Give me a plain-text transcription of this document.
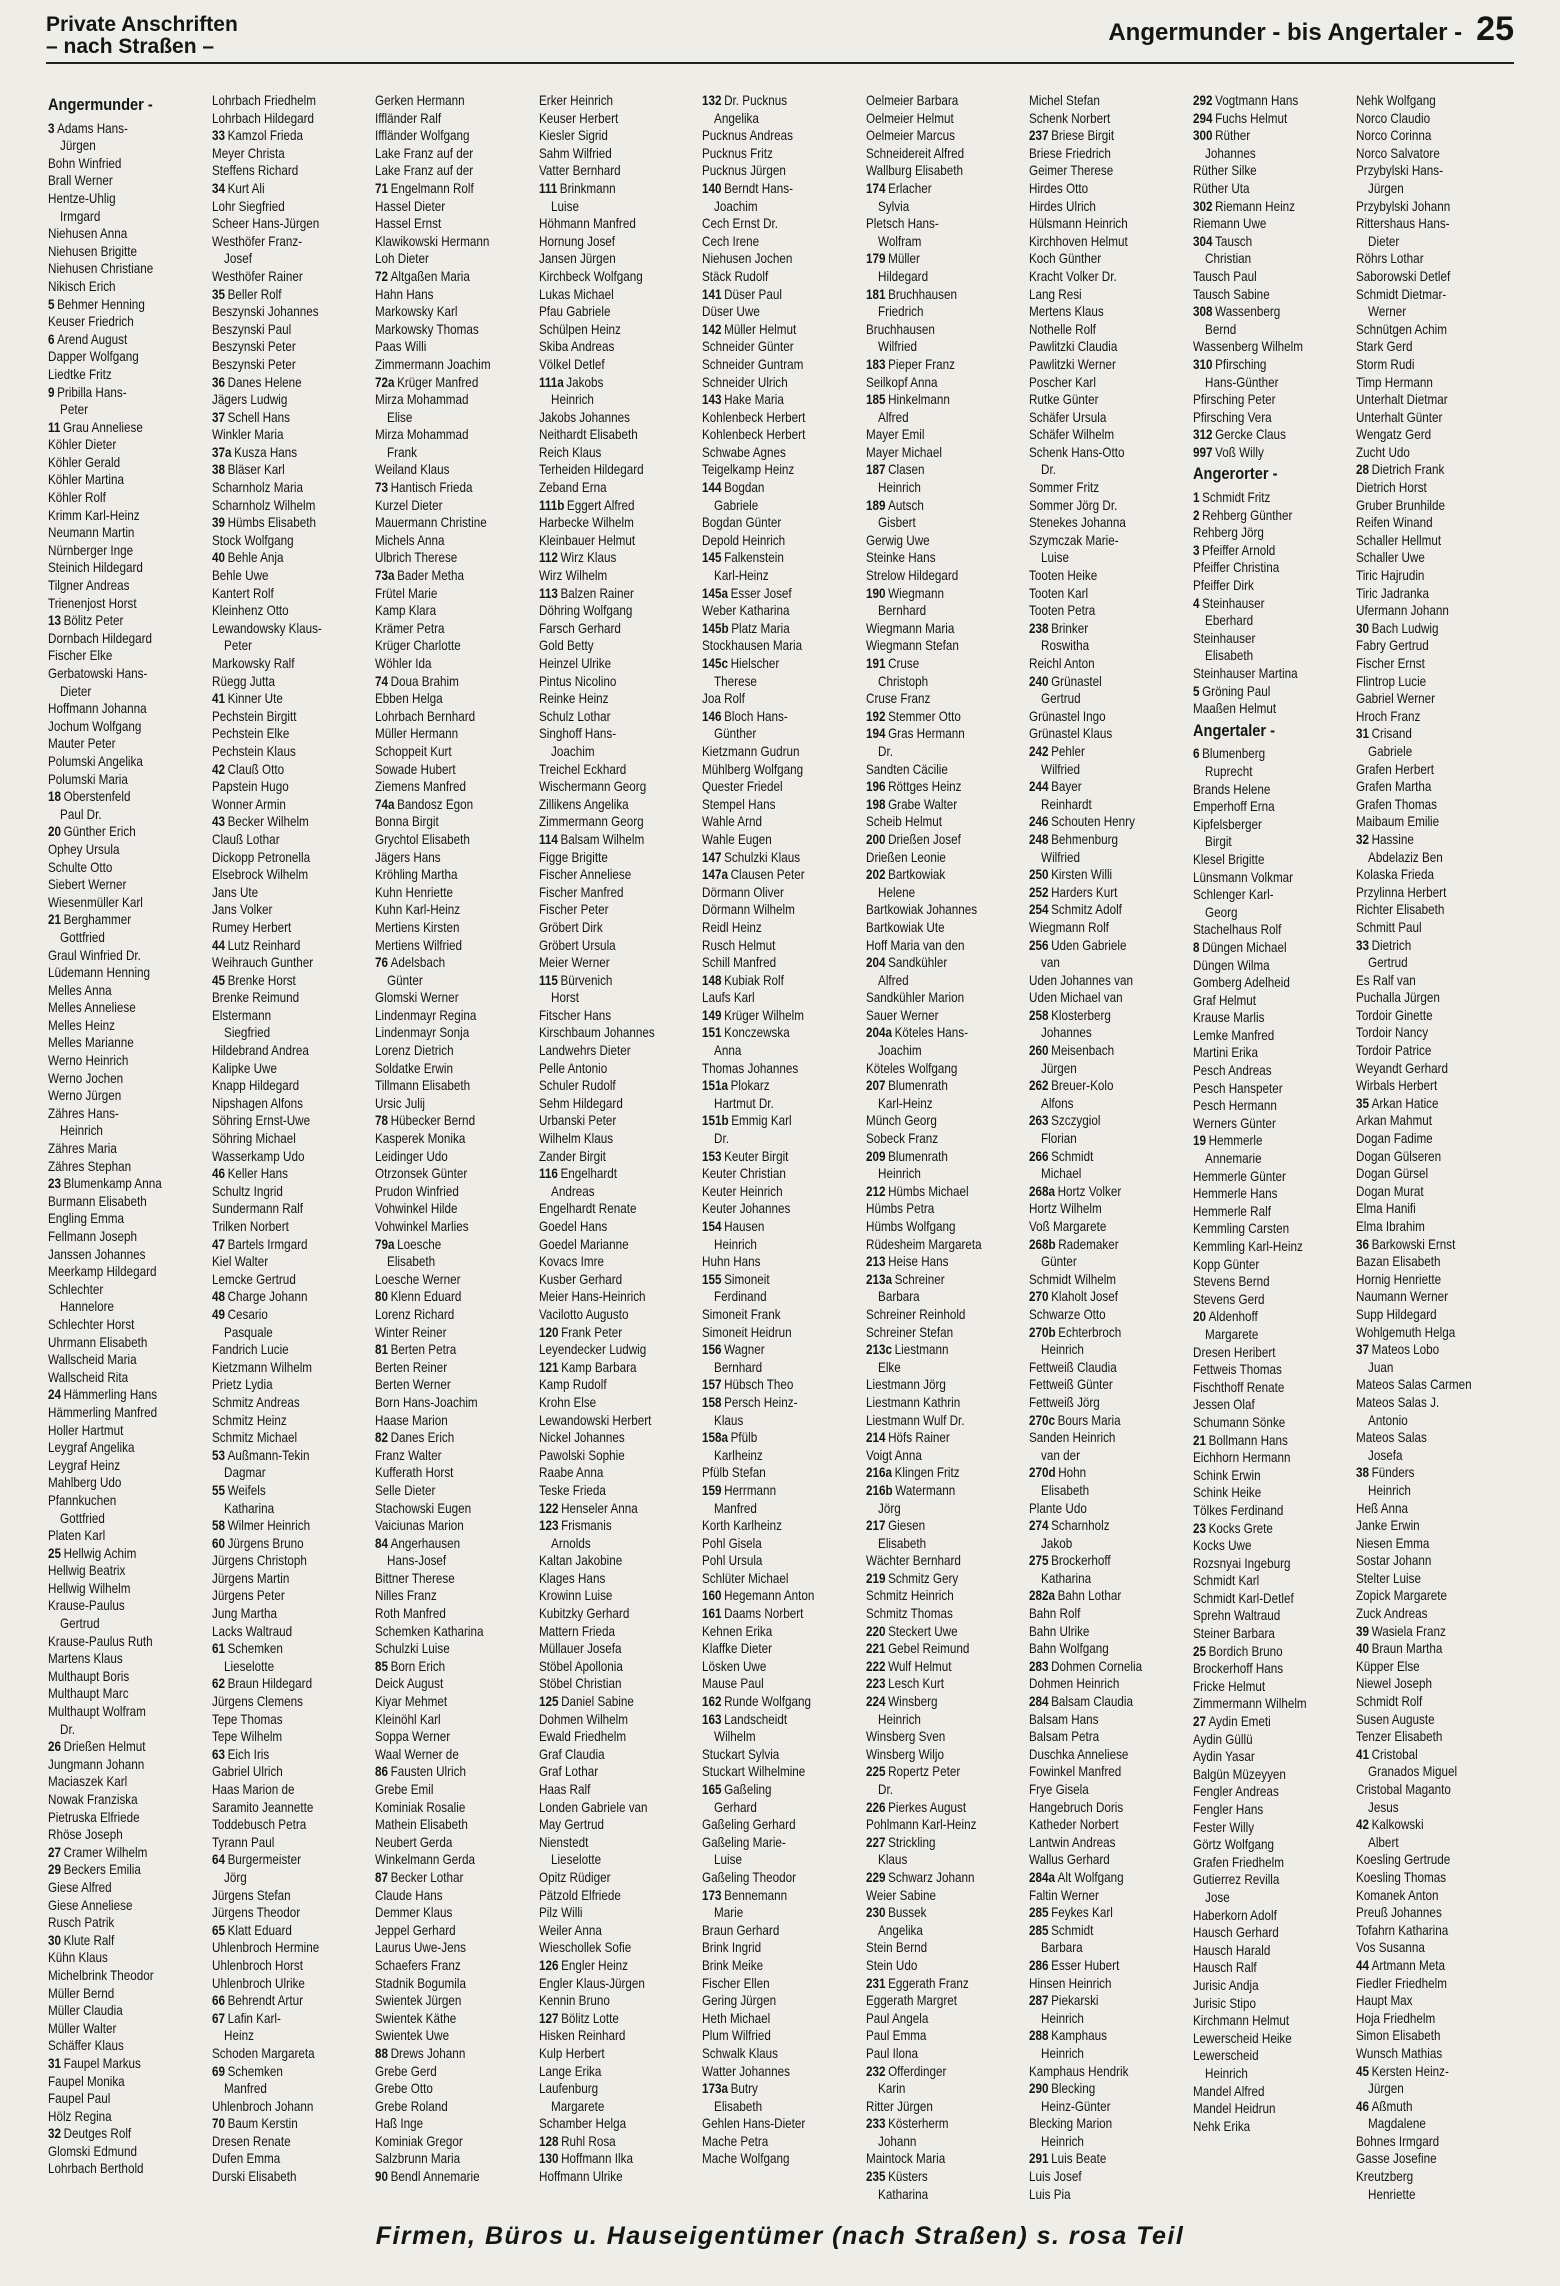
Private Anschriften
– nach Straßen –
Angermunder - bis Angertaler - 25
Angermunder -
3 Adams Hans-
Jürgen
Bohn Winfried
Brall Werner
Hentze-Uhlig
Irmgard
Niehusen Anna
Niehusen Brigitte
Niehusen Christiane
Nikisch Erich
5 Behmer Henning
Keuser Friedrich
6 Arend August
Dapper Wolfgang
Liedtke Fritz
9 Pribilla Hans-
Peter
11 Grau Anneliese
Köhler Dieter
Köhler Gerald
Köhler Martina
Köhler Rolf
Krimm Karl-Heinz
Neumann Martin
Nürnberger Inge
Steinich Hildegard
Tilgner Andreas
Trienenjost Horst
13 Bölitz Peter
Dornbach Hildegard
Fischer Elke
Gerbatowski Hans-
Dieter
Hoffmann Johanna
Jochum Wolfgang
Mauter Peter
Polumski Angelika
Polumski Maria
18 Oberstenfeld
Paul Dr.
20 Günther Erich
Ophey Ursula
Schulte Otto
Siebert Werner
Wiesenmüller Karl
21 Berghammer
Gottfried
Graul Winfried Dr.
Lüdemann Henning
Melles Anna
Melles Anneliese
Melles Heinz
Melles Marianne
Werno Heinrich
Werno Jochen
Werno Jürgen
Zähres Hans-
Heinrich
Zähres Maria
Zähres Stephan
23 Blumenkamp Anna
Burmann Elisabeth
Engling Emma
Fellmann Joseph
Janssen Johannes
Meerkamp Hildegard
Schlechter
Hannelore
Schlechter Horst
Uhrmann Elisabeth
Wallscheid Maria
Wallscheid Rita
24 Hämmerling Hans
Hämmerling Manfred
Holler Hartmut
Leygraf Angelika
Leygraf Heinz
Mahlberg Udo
Pfannkuchen
Gottfried
Platen Karl
25 Hellwig Achim
Hellwig Beatrix
Hellwig Wilhelm
Krause-Paulus
Gertrud
Krause-Paulus Ruth
Martens Klaus
Multhaupt Boris
Multhaupt Marc
Multhaupt Wolfram
Dr.
26 Drießen Helmut
Jungmann Johann
Maciaszek Karl
Nowak Franziska
Pietruska Elfriede
Rhöse Joseph
27 Cramer Wilhelm
29 Beckers Emilia
Giese Alfred
Giese Anneliese
Rusch Patrik
30 Klute Ralf
Kühn Klaus
Michelbrink Theodor
Müller Bernd
Müller Claudia
Müller Walter
Schäffer Klaus
31 Faupel Markus
Faupel Monika
Faupel Paul
Hölz Regina
32 Deutges Rolf
Glomski Edmund
Lohrbach Berthold
Lohrbach Friedhelm
Lohrbach Hildegard
33 Kamzol Frieda
Meyer Christa
Steffens Richard
34 Kurt Ali
Lohr Siegfried
Scheer Hans-Jürgen
Westhöfer Franz-
Josef
Westhöfer Rainer
35 Beller Rolf
Beszynski Johannes
Beszynski Paul
Beszynski Peter
Beszynski Peter
36 Danes Helene
Jägers Ludwig
37 Schell Hans
Winkler Maria
37a Kusza Hans
38 Bläser Karl
Scharnholz Maria
Scharnholz Wilhelm
39 Hümbs Elisabeth
Stock Wolfgang
40 Behle Anja
Behle Uwe
Kantert Rolf
Kleinhenz Otto
Lewandowsky Klaus-
Peter
Markowsky Ralf
Rüegg Jutta
41 Kinner Ute
Pechstein Birgitt
Pechstein Elke
Pechstein Klaus
42 Clauß Otto
Papstein Hugo
Wonner Armin
43 Becker Wilhelm
Clauß Lothar
Dickopp Petronella
Elsebrock Wilhelm
Jans Ute
Jans Volker
Rumey Herbert
44 Lutz Reinhard
Weihrauch Gunther
45 Brenke Horst
Brenke Reimund
Elstermann
Siegfried
Hildebrand Andrea
Kalipke Uwe
Knapp Hildegard
Nipshagen Alfons
Söhring Ernst-Uwe
Söhring Michael
Wasserkamp Udo
46 Keller Hans
Schultz Ingrid
Sundermann Ralf
Trilken Norbert
47 Bartels Irmgard
Kiel Walter
Lemcke Gertrud
48 Charge Johann
49 Cesario
Pasquale
Fandrich Lucie
Kietzmann Wilhelm
Prietz Lydia
Schmitz Andreas
Schmitz Heinz
Schmitz Michael
53 Außmann-Tekin
Dagmar
55 Weifels
Katharina
58 Wilmer Heinrich
60 Jürgens Bruno
Jürgens Christoph
Jürgens Martin
Jürgens Peter
Jung Martha
Lacks Waltraud
61 Schemken
Lieselotte
62 Braun Hildegard
Jürgens Clemens
Tepe Thomas
Tepe Wilhelm
63 Eich Iris
Gabriel Ulrich
Haas Marion de
Saramito Jeannette
Toddebusch Petra
Tyrann Paul
64 Burgermeister
Jörg
Jürgens Stefan
Jürgens Theodor
65 Klatt Eduard
Uhlenbroch Hermine
Uhlenbroch Horst
Uhlenbroch Ulrike
66 Behrendt Artur
67 Lafin Karl-
Heinz
Schoden Margareta
69 Schemken
Manfred
Uhlenbroch Johann
70 Baum Kerstin
Dresen Renate
Dufen Emma
Durski Elisabeth
Gerken Hermann
Iffländer Ralf
Iffländer Wolfgang
Lake Franz auf der
Lake Franz auf der
71 Engelmann Rolf
Hassel Dieter
Hassel Ernst
Klawikowski Hermann
Loh Dieter
72 Altgaßen Maria
Hahn Hans
Markowsky Karl
Markowsky Thomas
Paas Willi
Zimmermann Joachim
72a Krüger Manfred
Mirza Mohammad
Elise
Mirza Mohammad
Frank
Weiland Klaus
73 Hantisch Frieda
Kurzel Dieter
Mauermann Christine
Michels Anna
Ulbrich Therese
73a Bader Metha
Frütel Marie
Kamp Klara
Krämer Petra
Krüger Charlotte
Wöhler Ida
74 Doua Brahim
Ebben Helga
Lohrbach Bernhard
Müller Hermann
Schoppeit Kurt
Sowade Hubert
Ziemens Manfred
74a Bandosz Egon
Bonna Birgit
Grychtol Elisabeth
Jägers Hans
Kröhling Martha
Kuhn Henriette
Kuhn Karl-Heinz
Mertiens Kirsten
Mertiens Wilfried
76 Adelsbach
Günter
Glomski Werner
Lindenmayr Regina
Lindenmayr Sonja
Lorenz Dietrich
Soldatke Erwin
Tillmann Elisabeth
Ursic Julij
78 Hübecker Bernd
Kasperek Monika
Leidinger Udo
Otrzonsek Günter
Prudon Winfried
Vohwinkel Hilde
Vohwinkel Marlies
79a Loesche
Elisabeth
Loesche Werner
80 Klenn Eduard
Lorenz Richard
Winter Reiner
81 Berten Petra
Berten Reiner
Berten Werner
Born Hans-Joachim
Haase Marion
82 Danes Erich
Franz Walter
Kufferath Horst
Selle Dieter
Stachowski Eugen
Vaiciunas Marion
84 Angerhausen
Hans-Josef
Bittner Therese
Nilles Franz
Roth Manfred
Schemken Katharina
Schulzki Luise
85 Born Erich
Deick August
Kiyar Mehmet
Kleinöhl Karl
Soppa Werner
Waal Werner de
86 Fausten Ulrich
Grebe Emil
Kominiak Rosalie
Mathein Elisabeth
Neubert Gerda
Winkelmann Gerda
87 Becker Lothar
Claude Hans
Demmer Klaus
Jeppel Gerhard
Laurus Uwe-Jens
Schaefers Franz
Stadnik Bogumila
Swientek Jürgen
Swientek Käthe
Swientek Uwe
88 Drews Johann
Grebe Gerd
Grebe Otto
Grebe Roland
Haß Inge
Kominiak Gregor
Salzbrunn Maria
90 Bendl Annemarie
Erker Heinrich
Keuser Herbert
Kiesler Sigrid
Sahm Wilfried
Vatter Bernhard
111 Brinkmann
Luise
Höhmann Manfred
Hornung Josef
Jansen Jürgen
Kirchbeck Wolfgang
Lukas Michael
Pfau Gabriele
Schülpen Heinz
Skiba Andreas
Völkel Detlef
111a Jakobs
Heinrich
Jakobs Johannes
Neithardt Elisabeth
Reich Klaus
Terheiden Hildegard
Zeband Erna
111b Eggert Alfred
Harbecke Wilhelm
Kleinbauer Helmut
112 Wirz Klaus
Wirz Wilhelm
113 Balzen Rainer
Döhring Wolfgang
Farsch Gerhard
Gold Betty
Heinzel Ulrike
Pintus Nicolino
Reinke Heinz
Schulz Lothar
Singhoff Hans-
Joachim
Treichel Eckhard
Wischermann Georg
Zillikens Angelika
Zimmermann Georg
114 Balsam Wilhelm
Figge Brigitte
Fischer Anneliese
Fischer Manfred
Fischer Peter
Gröbert Dirk
Gröbert Ursula
Meier Werner
115 Bürvenich
Horst
Fitscher Hans
Kirschbaum Johannes
Landwehrs Dieter
Pelle Antonio
Schuler Rudolf
Sehm Hildegard
Urbanski Peter
Wilhelm Klaus
Zander Birgit
116 Engelhardt
Andreas
Engelhardt Renate
Goedel Hans
Goedel Marianne
Kovacs Imre
Kusber Gerhard
Meier Hans-Heinrich
Vacilotto Augusto
120 Frank Peter
Leyendecker Ludwig
121 Kamp Barbara
Kamp Rudolf
Krohn Else
Lewandowski Herbert
Nickel Johannes
Pawolski Sophie
Raabe Anna
Teske Frieda
122 Henseler Anna
123 Frismanis
Arnolds
Kaltan Jakobine
Klages Hans
Krowinn Luise
Kubitzky Gerhard
Mattern Frieda
Müllauer Josefa
Stöbel Apollonia
Stöbel Christian
125 Daniel Sabine
Dohmen Wilhelm
Ewald Friedhelm
Graf Claudia
Graf Lothar
Haas Ralf
Londen Gabriele van
May Gertrud
Nienstedt
Lieselotte
Opitz Rüdiger
Pätzold Elfriede
Pilz Willi
Weiler Anna
Wieschollek Sofie
126 Engler Heinz
Engler Klaus-Jürgen
Kennin Bruno
127 Bölitz Lotte
Hisken Reinhard
Kulp Herbert
Lange Erika
Laufenburg
Margarete
Schamber Helga
128 Ruhl Rosa
130 Hoffmann Ilka
Hoffmann Ulrike
132 Dr. Pucknus
Angelika
Pucknus Andreas
Pucknus Fritz
Pucknus Jürgen
140 Berndt Hans-
Joachim
Cech Ernst Dr.
Cech Irene
Niehusen Jochen
Stäck Rudolf
141 Düser Paul
Düser Uwe
142 Müller Helmut
Schneider Günter
Schneider Guntram
Schneider Ulrich
143 Hake Maria
Kohlenbeck Herbert
Kohlenbeck Herbert
Schwabe Agnes
Teigelkamp Heinz
144 Bogdan
Gabriele
Bogdan Günter
Depold Heinrich
145 Falkenstein
Karl-Heinz
145a Esser Josef
Weber Katharina
145b Platz Maria
Stockhausen Maria
145c Hielscher
Therese
Joa Rolf
146 Bloch Hans-
Günther
Kietzmann Gudrun
Mühlberg Wolfgang
Quester Friedel
Stempel Hans
Wahle Arnd
Wahle Eugen
147 Schulzki Klaus
147a Clausen Peter
Dörmann Oliver
Dörmann Wilhelm
Reidl Heinz
Rusch Helmut
Schill Manfred
148 Kubiak Rolf
Laufs Karl
149 Krüger Wilhelm
151 Konczewska
Anna
Thomas Johannes
151a Plokarz
Hartmut Dr.
151b Emmig Karl
Dr.
153 Keuter Birgit
Keuter Christian
Keuter Heinrich
Keuter Johannes
154 Hausen
Heinrich
Huhn Hans
155 Simoneit
Ferdinand
Simoneit Frank
Simoneit Heidrun
156 Wagner
Bernhard
157 Hübsch Theo
158 Persch Heinz-
Klaus
158a Pfülb
Karlheinz
Pfülb Stefan
159 Herrmann
Manfred
Korth Karlheinz
Pohl Gisela
Pohl Ursula
Schlüter Michael
160 Hegemann Anton
161 Daams Norbert
Kehnen Erika
Klaffke Dieter
Lösken Uwe
Mause Paul
162 Runde Wolfgang
163 Landscheidt
Wilhelm
Stuckart Sylvia
Stuckart Wilhelmine
165 Gaßeling
Gerhard
Gaßeling Gerhard
Gaßeling Marie-
Luise
Gaßeling Theodor
173 Bennemann
Marie
Braun Gerhard
Brink Ingrid
Brink Meike
Fischer Ellen
Gering Jürgen
Heth Michael
Plum Wilfried
Schwalk Klaus
Watter Johannes
173a Butry
Elisabeth
Gehlen Hans-Dieter
Mache Petra
Mache Wolfgang
Oelmeier Barbara
Oelmeier Helmut
Oelmeier Marcus
Schneidereit Alfred
Wallburg Elisabeth
174 Erlacher
Sylvia
Pletsch Hans-
Wolfram
179 Müller
Hildegard
181 Bruchhausen
Friedrich
Bruchhausen
Wilfried
183 Pieper Franz
Seilkopf Anna
185 Hinkelmann
Alfred
Mayer Emil
Mayer Michael
187 Clasen
Heinrich
189 Autsch
Gisbert
Gerwig Uwe
Steinke Hans
Strelow Hildegard
190 Wiegmann
Bernhard
Wiegmann Maria
Wiegmann Stefan
191 Cruse
Christoph
Cruse Franz
192 Stemmer Otto
194 Gras Hermann
Dr.
Sandten Cäcilie
196 Röttges Heinz
198 Grabe Walter
Scheib Helmut
200 Drießen Josef
Drießen Leonie
202 Bartkowiak
Helene
Bartkowiak Johannes
Bartkowiak Ute
Hoff Maria van den
204 Sandkühler
Alfred
Sandkühler Marion
Sauer Werner
204a Köteles Hans-
Joachim
Köteles Wolfgang
207 Blumenrath
Karl-Heinz
Münch Georg
Sobeck Franz
209 Blumenrath
Heinrich
212 Hümbs Michael
Hümbs Petra
Hümbs Wolfgang
Rüdesheim Margareta
213 Heise Hans
213a Schreiner
Barbara
Schreiner Reinhold
Schreiner Stefan
213c Liestmann
Elke
Liestmann Jörg
Liestmann Kathrin
Liestmann Wulf Dr.
214 Höfs Rainer
Voigt Anna
216a Klingen Fritz
216b Watermann
Jörg
217 Giesen
Elisabeth
Wächter Bernhard
219 Schmitz Gery
Schmitz Heinrich
Schmitz Thomas
220 Steckert Uwe
221 Gebel Reimund
222 Wulf Helmut
223 Lesch Kurt
224 Winsberg
Heinrich
Winsberg Sven
Winsberg Wiljo
225 Ropertz Peter
Dr.
226 Pierkes August
Pohlmann Karl-Heinz
227 Strickling
Klaus
229 Schwarz Johann
Weier Sabine
230 Bussek
Angelika
Stein Bernd
Stein Udo
231 Eggerath Franz
Eggerath Margret
Paul Angela
Paul Emma
Paul Ilona
232 Offerdinger
Karin
Ritter Jürgen
233 Kösterherm
Johann
Maintock Maria
235 Küsters
Katharina
Michel Stefan
Schenk Norbert
237 Briese Birgit
Briese Friedrich
Geimer Therese
Hirdes Otto
Hirdes Ulrich
Hülsmann Heinrich
Kirchhoven Helmut
Koch Günther
Kracht Volker Dr.
Lang Resi
Mertens Klaus
Nothelle Rolf
Pawlitzki Claudia
Pawlitzki Werner
Poscher Karl
Rutke Günter
Schäfer Ursula
Schäfer Wilhelm
Schenk Hans-Otto
Dr.
Sommer Fritz
Sommer Jörg Dr.
Stenekes Johanna
Szymczak Marie-
Luise
Tooten Heike
Tooten Karl
Tooten Petra
238 Brinker
Roswitha
Reichl Anton
240 Grünastel
Gertrud
Grünastel Ingo
Grünastel Klaus
242 Pehler
Wilfried
244 Bayer
Reinhardt
246 Schouten Henry
248 Behmenburg
Wilfried
250 Kirsten Willi
252 Harders Kurt
254 Schmitz Adolf
Wiegmann Rolf
256 Uden Gabriele
van
Uden Johannes van
Uden Michael van
258 Klosterberg
Johannes
260 Meisenbach
Jürgen
262 Breuer-Kolo
Alfons
263 Szczygiol
Florian
266 Schmidt
Michael
268a Hortz Volker
Hortz Wilhelm
Voß Margarete
268b Rademaker
Günter
Schmidt Wilhelm
270 Klaholt Josef
Schwarze Otto
270b Echterbroch
Heinrich
Fettweiß Claudia
Fettweiß Günter
Fettweiß Jörg
270c Bours Maria
Sanden Heinrich
van der
270d Hohn
Elisabeth
Plante Udo
274 Scharnholz
Jakob
275 Brockerhoff
Katharina
282a Bahn Lothar
Bahn Rolf
Bahn Ulrike
Bahn Wolfgang
283 Dohmen Cornelia
Dohmen Heinrich
284 Balsam Claudia
Balsam Hans
Balsam Petra
Duschka Anneliese
Fowinkel Manfred
Frye Gisela
Hangebruch Doris
Katheder Norbert
Lantwin Andreas
Wallus Gerhard
284a Alt Wolfgang
Faltin Werner
285 Feykes Karl
285 Schmidt
Barbara
286 Esser Hubert
Hinsen Heinrich
287 Piekarski
Heinrich
288 Kamphaus
Heinrich
Kamphaus Hendrik
290 Blecking
Heinz-Günter
Blecking Marion
Heinrich
291 Luis Beate
Luis Josef
Luis Pia
292 Vogtmann Hans
294 Fuchs Helmut
300 Rüther
Johannes
Rüther Silke
Rüther Uta
302 Riemann Heinz
Riemann Uwe
304 Tausch
Christian
Tausch Paul
Tausch Sabine
308 Wassenberg
Bernd
Wassenberg Wilhelm
310 Pfirsching
Hans-Günther
Pfirsching Peter
Pfirsching Vera
312 Gercke Claus
997 Voß Willy
Angerorter -
1 Schmidt Fritz
2 Rehberg Günther
Rehberg Jörg
3 Pfeiffer Arnold
Pfeiffer Christina
Pfeiffer Dirk
4 Steinhauser
Eberhard
Steinhauser
Elisabeth
Steinhauser Martina
5 Gröning Paul
Maaßen Helmut
Angertaler -
6 Blumenberg
Ruprecht
Brands Helene
Emperhoff Erna
Kipfelsberger
Birgit
Klesel Brigitte
Lünsmann Volkmar
Schlenger Karl-
Georg
Stachelhaus Rolf
8 Düngen Michael
Düngen Wilma
Gomberg Adelheid
Graf Helmut
Krause Marlis
Lemke Manfred
Martini Erika
Pesch Andreas
Pesch Hanspeter
Pesch Hermann
Werners Günter
19 Hemmerle
Annemarie
Hemmerle Günter
Hemmerle Hans
Hemmerle Ralf
Kemmling Carsten
Kemmling Karl-Heinz
Kopp Günter
Stevens Bernd
Stevens Gerd
20 Aldenhoff
Margarete
Dresen Heribert
Fettweis Thomas
Fischthoff Renate
Jessen Olaf
Schumann Sönke
21 Bollmann Hans
Eichhorn Hermann
Schink Erwin
Schink Heike
Tölkes Ferdinand
23 Kocks Grete
Kocks Uwe
Rozsnyai Ingeburg
Schmidt Karl
Schmidt Karl-Detlef
Sprehn Waltraud
Steiner Barbara
25 Bordich Bruno
Brockerhoff Hans
Fricke Helmut
Zimmermann Wilhelm
27 Aydin Emeti
Aydin Güllü
Aydin Yasar
Balgün Müzeyyen
Fengler Andreas
Fengler Hans
Fester Willy
Görtz Wolfgang
Grafen Friedhelm
Gutierrez Revilla
Jose
Haberkorn Adolf
Hausch Gerhard
Hausch Harald
Hausch Ralf
Jurisic Andja
Jurisic Stipo
Kirchmann Helmut
Lewerscheid Heike
Lewerscheid
Heinrich
Mandel Alfred
Mandel Heidrun
Nehk Erika
Nehk Wolfgang
Norco Claudio
Norco Corinna
Norco Salvatore
Przybylski Hans-
Jürgen
Przybylski Johann
Rittershaus Hans-
Dieter
Röhrs Lothar
Saborowski Detlef
Schmidt Dietmar-
Werner
Schnütgen Achim
Stark Gerd
Storm Rudi
Timp Hermann
Unterhalt Dietmar
Unterhalt Günter
Wengatz Gerd
Zucht Udo
28 Dietrich Frank
Dietrich Horst
Gruber Brunhilde
Reifen Winand
Schaller Hellmut
Schaller Uwe
Tiric Hajrudin
Tiric Jadranka
Ufermann Johann
30 Bach Ludwig
Fabry Gertrud
Fischer Ernst
Flintrop Lucie
Gabriel Werner
Hroch Franz
31 Crisand
Gabriele
Grafen Herbert
Grafen Martha
Grafen Thomas
Maibaum Emilie
32 Hassine
Abdelaziz Ben
Kolaska Frieda
Przylinna Herbert
Richter Elisabeth
Schmitt Paul
33 Dietrich
Gertrud
Es Ralf van
Puchalla Jürgen
Tordoir Ginette
Tordoir Nancy
Tordoir Patrice
Weyandt Gerhard
Wirbals Herbert
35 Arkan Hatice
Arkan Mahmut
Dogan Fadime
Dogan Gülseren
Dogan Gürsel
Dogan Murat
Elma Hanifi
Elma Ibrahim
36 Barkowski Ernst
Bazan Elisabeth
Hornig Henriette
Naumann Werner
Supp Hildegard
Wohlgemuth Helga
37 Mateos Lobo
Juan
Mateos Salas Carmen
Mateos Salas J.
Antonio
Mateos Salas
Josefa
38 Fünders
Heinrich
Heß Anna
Janke Erwin
Niesen Emma
Sostar Johann
Stelter Luise
Zopick Margarete
Zuck Andreas
39 Wasiela Franz
40 Braun Martha
Küpper Else
Niewel Joseph
Schmidt Rolf
Susen Auguste
Tenzer Elisabeth
41 Cristobal
Granados Miguel
Cristobal Maganto
Jesus
42 Kalkowski
Albert
Koesling Gertrude
Koesling Thomas
Komanek Anton
Preuß Johannes
Tofahrn Katharina
Vos Susanna
44 Artmann Meta
Fiedler Friedhelm
Haupt Max
Hoja Friedhelm
Simon Elisabeth
Wunsch Mathias
45 Kersten Heinz-
Jürgen
46 Aßmuth
Magdalene
Bohnes Irmgard
Gasse Josefine
Kreutzberg
Henriette
Firmen, Büros u. Hauseigentümer (nach Straßen) s. rosa Teil
